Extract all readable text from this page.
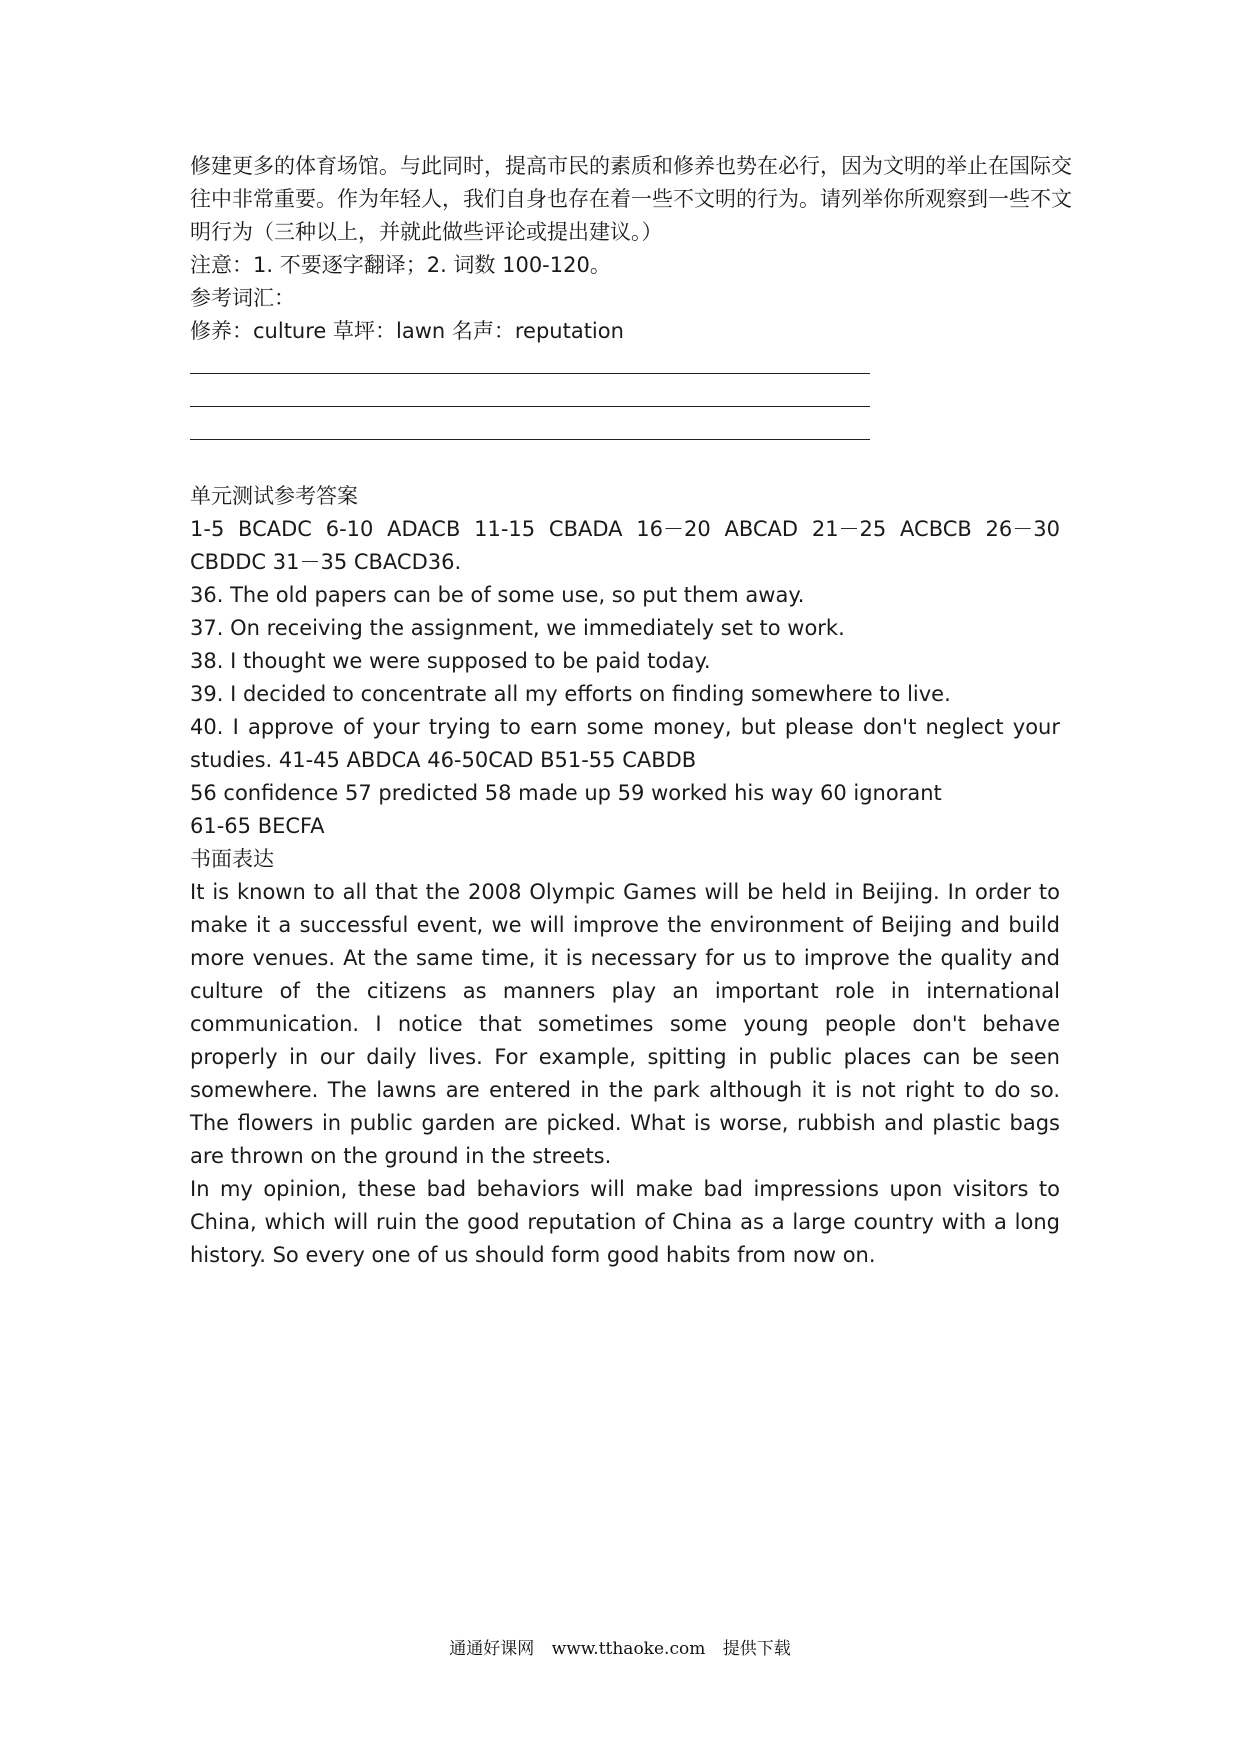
修建更多的体育场馆。与此同时，提高市民的素质和修养也势在必行，因为文明的举止在国际交
往中非常重要。作为年轻人，我们自身也存在着一些不文明的行为。请列举你所观察到一些不文
明行为（三种以上，并就此做些评论或提出建议。）
注意：1. 不要逐字翻译；2. 词数 100-120。
参考词汇：
修养：culture 草坪：lawn 名声：reputation
单元测试参考答案
1-5 BCADC 6-10 ADACB 11-15 CBADA 16－20 ABCAD 21－25 ACBCB 26－30 CBDDC 31－35 CBACD36.
36. The old papers can be of some use, so put them away.
37. On receiving the assignment, we immediately set to work.
38. I thought we were supposed to be paid today.
39. I decided to concentrate all my efforts on finding somewhere to live.
40. I approve of your trying to earn some money, but please don't neglect your studies. 41-45 ABDCA 46-50CAD B51-55 CABDB
56 confidence 57 predicted 58 made up 59 worked his way 60 ignorant
61-65 BECFA
书面表达
It is known to all that the 2008 Olympic Games will be held in Beijing. In order to make it a successful event, we will improve the environment of Beijing and build more venues. At the same time, it is necessary for us to improve the quality and culture of the citizens as manners play an important role in international communication. I notice that sometimes some young people don't behave properly in our daily lives. For example, spitting in public places can be seen somewhere. The lawns are entered in the park although it is not right to do so. The flowers in public garden are picked. What is worse, rubbish and plastic bags are thrown on the ground in the streets.
In my opinion, these bad behaviors will make bad impressions upon visitors to China, which will ruin the good reputation of China as a large country with a long history. So every one of us should form good habits from now on.
通通好课网 www.tthaoke.com 提供下载
